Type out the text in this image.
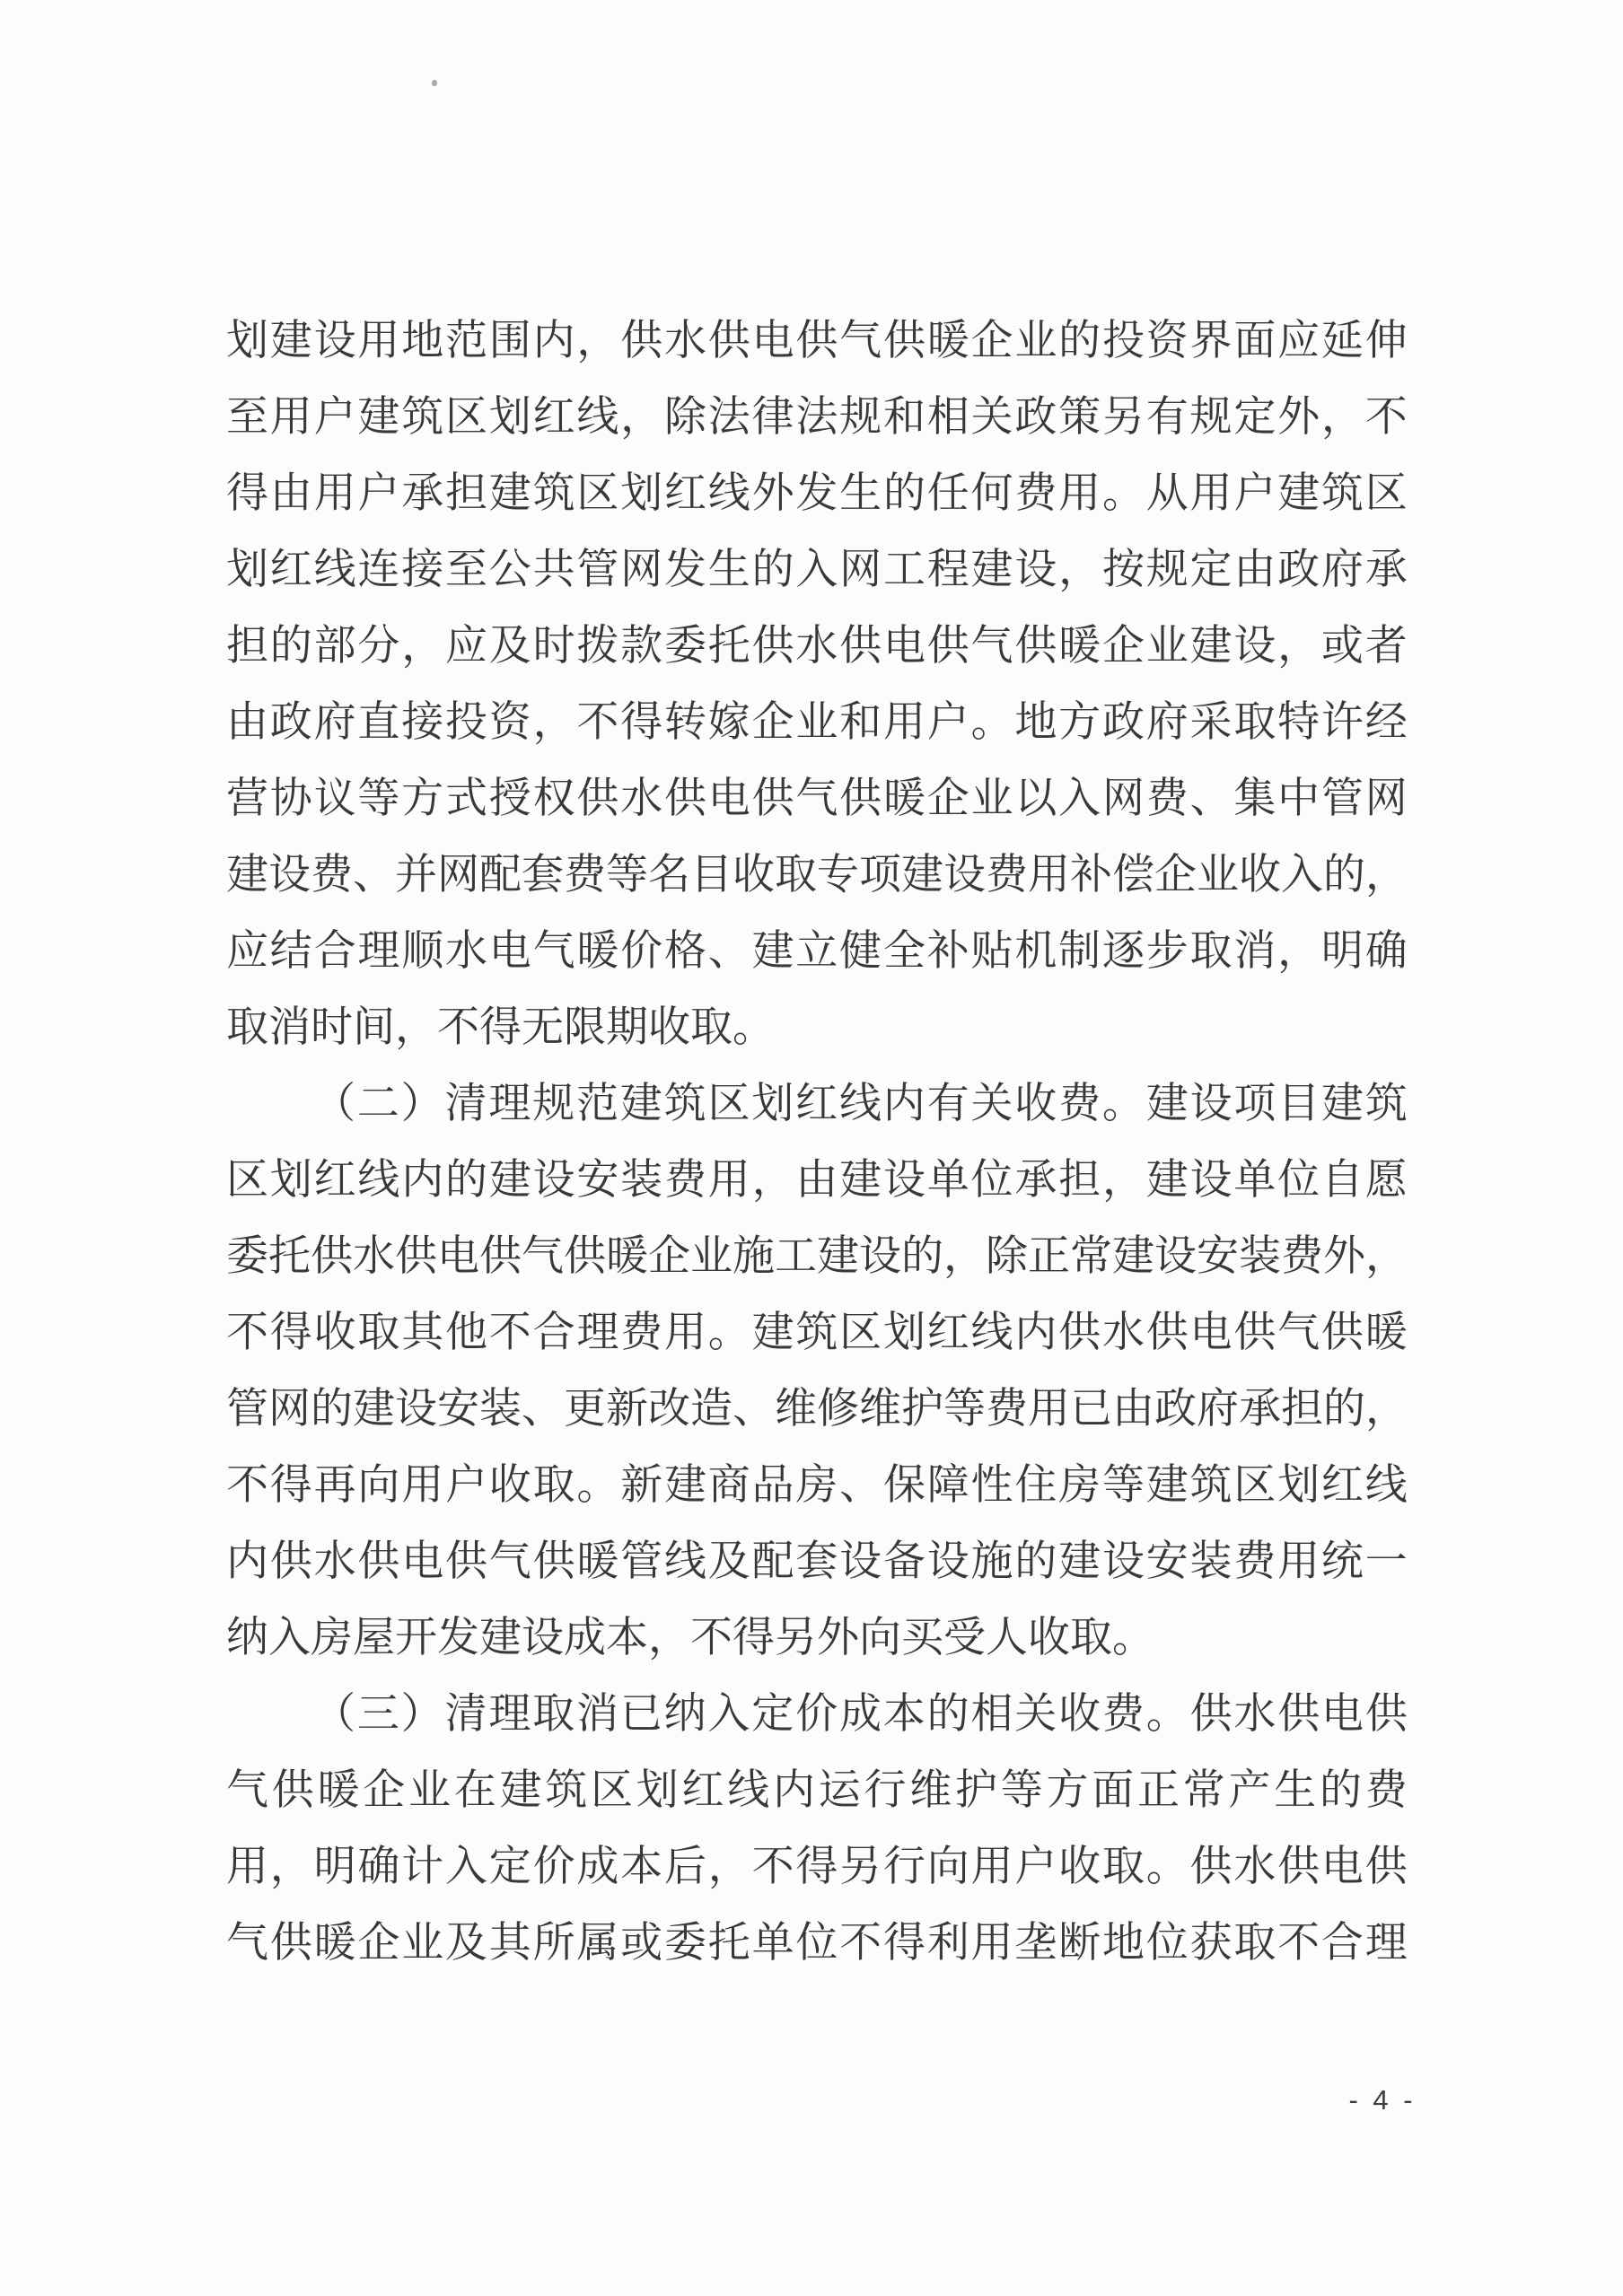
划 建 设 用 地 范 围 内 ， 供 水 供 电 供 气 供 暖 企 业 的 投 资 界 面 应 延 伸
至 用 户 建 筑 区 划 红 线 ， 除 法 律 法 规 和 相 关 政 策 另 有 规 定 外 ， 不
得 由 用 户 承 担 建 筑 区 划 红 线 外 发 生 的 任 何 费 用 。 从 用 户 建 筑 区
划 红 线 连 接 至 公 共 管 网 发 生 的 入 网 工 程 建 设 ， 按 规 定 由 政 府 承
担 的 部 分 ， 应 及 时 拨 款 委 托 供 水 供 电 供 气 供 暖 企 业 建 设 ， 或 者
由 政 府 直 接 投 资 ， 不 得 转 嫁 企 业 和 用 户 。 地 方 政 府 采 取 特 许 经
营 协 议 等 方 式 授 权 供 水 供 电 供 气 供 暖 企 业 以 入 网 费 、 集 中 管 网
建 设 费 、 并 网 配 套 费 等 名 目 收 取 专 项 建 设 费 用 补 偿 企 业 收 入 的 ，
应 结 合 理 顺 水 电 气 暖 价 格 、 建 立 健 全 补 贴 机 制 逐 步 取 消 ， 明 确
取 消 时 间 ， 不 得 无 限 期 收 取 。
（ 二 ） 清 理 规 范 建 筑 区 划 红 线 内 有 关 收 费 。 建 设 项 目 建 筑
区 划 红 线 内 的 建 设 安 装 费 用 ， 由 建 设 单 位 承 担 ， 建 设 单 位 自 愿
委 托 供 水 供 电 供 气 供 暖 企 业 施 工 建 设 的 ， 除 正 常 建 设 安 装 费 外 ，
不 得 收 取 其 他 不 合 理 费 用 。 建 筑 区 划 红 线 内 供 水 供 电 供 气 供 暖
管 网 的 建 设 安 装 、 更 新 改 造 、 维 修 维 护 等 费 用 已 由 政 府 承 担 的 ，
不 得 再 向 用 户 收 取 。 新 建 商 品 房 、 保 障 性 住 房 等 建 筑 区 划 红 线
内 供 水 供 电 供 气 供 暖 管 线 及 配 套 设 备 设 施 的 建 设 安 装 费 用 统 一
纳 入 房 屋 开 发 建 设 成 本 ， 不 得 另 外 向 买 受 人 收 取 。
（ 三 ） 清 理 取 消 已 纳 入 定 价 成 本 的 相 关 收 费 。 供 水 供 电 供
气 供 暖 企 业 在 建 筑 区 划 红 线 内 运 行 维 护 等 方 面 正 常 产 生 的 费
用 ， 明 确 计 入 定 价 成 本 后 ， 不 得 另 行 向 用 户 收 取 。 供 水 供 电 供
气 供 暖 企 业 及 其 所 属 或 委 托 单 位 不 得 利 用 垄 断 地 位 获 取 不 合 理
- 4 -
